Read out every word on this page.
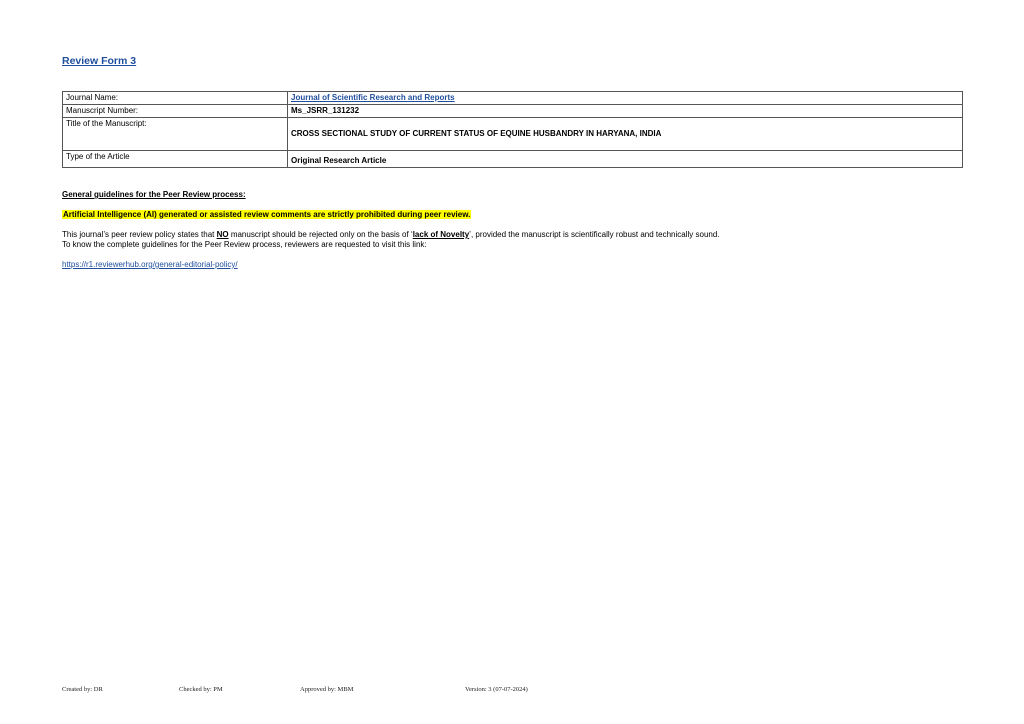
Review Form 3
Journal Name:	Journal of Scientific Research and Reports
Manuscript Number:	Ms_JSRR_131232
Title of the Manuscript:	CROSS SECTIONAL STUDY OF CURRENT STATUS OF EQUINE HUSBANDRY IN HARYANA, INDIA
Type of the Article	Original Research Article
General guidelines for the Peer Review process:
Artificial Intelligence (AI) generated or assisted review comments are strictly prohibited during peer review.
This journal’s peer review policy states that NO manuscript should be rejected only on the basis of ‘lack of Novelty’, provided the manuscript is scientifically robust and technically sound.
To know the complete guidelines for the Peer Review process, reviewers are requested to visit this link:
https://r1.reviewerhub.org/general-editorial-policy/
Created by: DR	Checked by: PM	Approved by: MBM	Version: 3 (07-07-2024)
